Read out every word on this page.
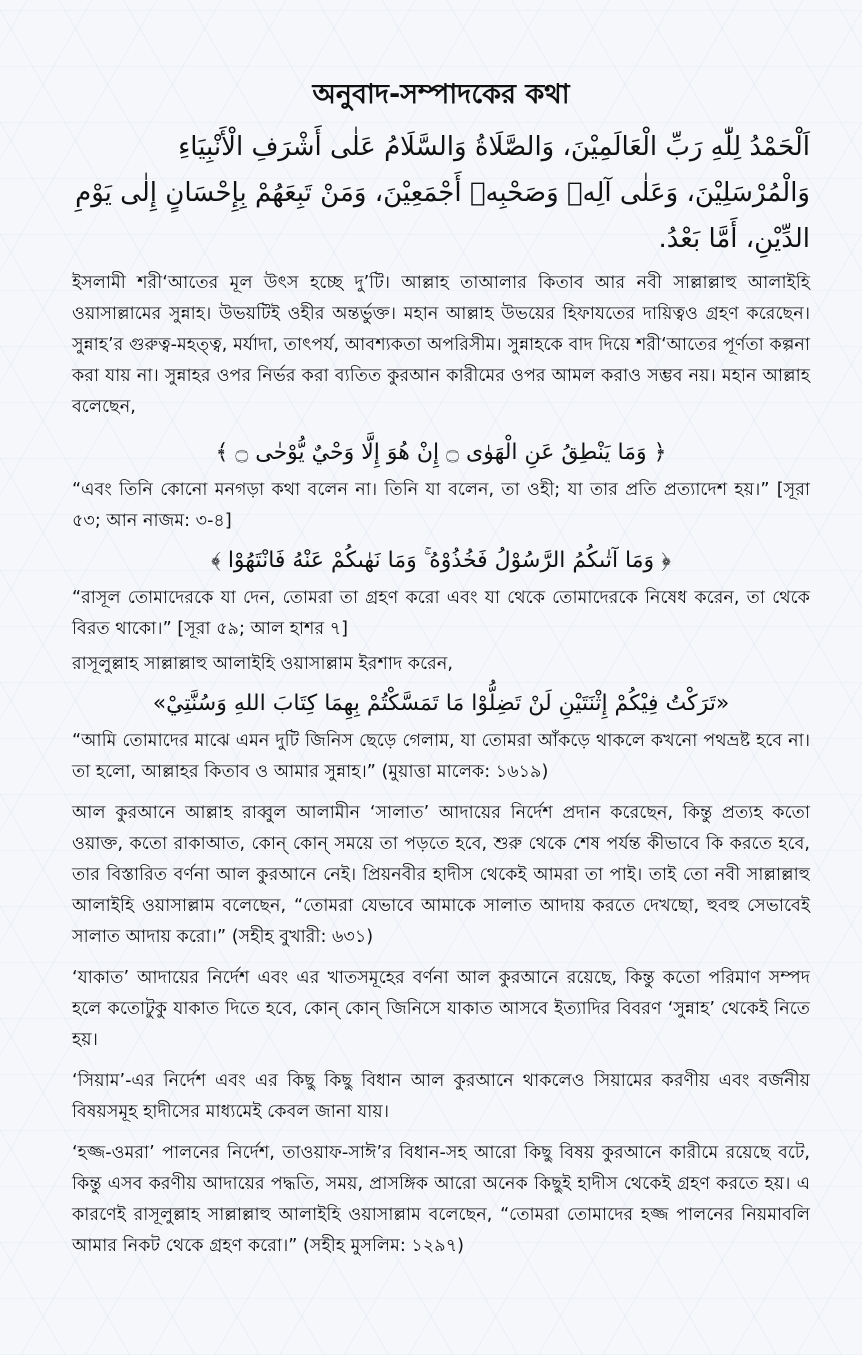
অনুবাদ-সম্পাদকের কথা

اَلْحَمْدُ لِلّٰهِ رَبِّ الْعَالَمِيْنَ، وَالصَّلَاةُ وَالسَّلَامُ عَلٰى أَشْرَفِ الْأَنْبِيَاءِ وَالْمُرْسَلِيْنَ، وَعَلٰى آلِهٖ وَصَحْبِهٖ أَجْمَعِيْنَ، وَمَنْ تَبِعَهُمْ بِإِحْسَانٍ إِلٰى يَوْمِ الدِّيْنِ، أَمَّا بَعْدُ.

ইসলামী শরী‘আতের মূল উৎস হচ্ছে দু’টি। আল্লাহ তাআলার কিতাব আর নবী সাল্লাল্লাহু আলাইহি ওয়াসাল্লামের সুন্নাহ। উভয়টিই ওহীর অন্তর্ভুক্ত। মহান আল্লাহ উভয়ের হিফাযতের দায়িত্বও গ্রহণ করেছেন। সুন্নাহ’র গুরুত্ব-মহত্ত্ব, মর্যাদা, তাৎপর্য, আবশ্যকতা অপরিসীম। সুন্নাহকে বাদ দিয়ে শরী‘আতের পূর্ণতা কল্পনা করা যায় না। সুন্নাহর ওপর নির্ভর করা ব্যতিত কুরআন কারীমের ওপর আমল করাও সম্ভব নয়। মহান আল্লাহ বলেছেন,

﴿ وَمَا يَنْطِقُ عَنِ الْهَوٰى ۝ إِنْ هُوَ إِلَّا وَحْيٌ يُّوْحٰى ۝ ﴾

“এবং তিনি কোনো মনগড়া কথা বলেন না। তিনি যা বলেন, তা ওহী; যা তার প্রতি প্রত্যাদেশ হয়।” [সূরা ৫৩; আন নাজম: ৩-৪]

﴿ وَمَا آتٰىكُمُ الرَّسُوْلُ فَخُذُوْهُ ۚ وَمَا نَهٰىكُمْ عَنْهُ فَانْتَهُوْا ﴾

“রাসূল তোমাদেরকে যা দেন, তোমরা তা গ্রহণ করো এবং যা থেকে তোমাদেরকে নিষেধ করেন, তা থেকে বিরত থাকো।” [সূরা ৫৯; আল হাশর ৭]

রাসূলুল্লাহ সাল্লাল্লাহু আলাইহি ওয়াসাল্লাম ইরশাদ করেন,

«تَرَكْتُ فِيْكُمْ إِثْنَتَيْنِ لَنْ تَضِلُّوْا مَا تَمَسَّكْتُمْ بِهِمَا كِتَابَ اللهِ وَسُنَّتِيْ»

“আমি তোমাদের মাঝে এমন দুটি জিনিস ছেড়ে গেলাম, যা তোমরা আঁকড়ে থাকলে কখনো পথভ্রষ্ট হবে না। তা হলো, আল্লাহর কিতাব ও আমার সুন্নাহ।” (মুয়াত্তা মালেক: ১৬১৯)

আল কুরআনে আল্লাহ রাব্বুল আলামীন ‘সালাত’ আদায়ের নির্দেশ প্রদান করেছেন, কিন্তু প্রত্যহ কতো ওয়াক্ত, কতো রাকাআত, কোন্ কোন্ সময়ে তা পড়তে হবে, শুরু থেকে শেষ পর্যন্ত কীভাবে কি করতে হবে, তার বিস্তারিত বর্ণনা আল কুরআনে নেই। প্রিয়নবীর হাদীস থেকেই আমরা তা পাই। তাই তো নবী সাল্লাল্লাহু আলাইহি ওয়াসাল্লাম বলেছেন, “তোমরা যেভাবে আমাকে সালাত আদায় করতে দেখছো, হুবহু সেভাবেই সালাত আদায় করো।” (সহীহ বুখারী: ৬৩১)

‘যাকাত’ আদায়ের নির্দেশ এবং এর খাতসমূহের বর্ণনা আল কুরআনে রয়েছে, কিন্তু কতো পরিমাণ সম্পদ হলে কতোটুকু যাকাত দিতে হবে, কোন্ কোন্ জিনিসে যাকাত আসবে ইত্যাদির বিবরণ ‘সুন্নাহ’ থেকেই নিতে হয়।

‘সিয়াম’-এর নির্দেশ এবং এর কিছু কিছু বিধান আল কুরআনে থাকলেও সিয়ামের করণীয় এবং বর্জনীয় বিষয়সমূহ হাদীসের মাধ্যমেই কেবল জানা যায়।

‘হজ্জ-ওমরা’ পালনের নির্দেশ, তাওয়াফ-সাঈ’র বিধান-সহ আরো কিছু বিষয় কুরআনে কারীমে রয়েছে বটে, কিন্তু এসব করণীয় আদায়ের পদ্ধতি, সময়, প্রাসঙ্গিক আরো অনেক কিছুই হাদীস থেকেই গ্রহণ করতে হয়। এ কারণেই রাসূলুল্লাহ সাল্লাল্লাহু আলাইহি ওয়াসাল্লাম বলেছেন, “তোমরা তোমাদের হজ্জ পালনের নিয়মাবলি আমার নিকট থেকে গ্রহণ করো।” (সহীহ মুসলিম: ১২৯৭)
